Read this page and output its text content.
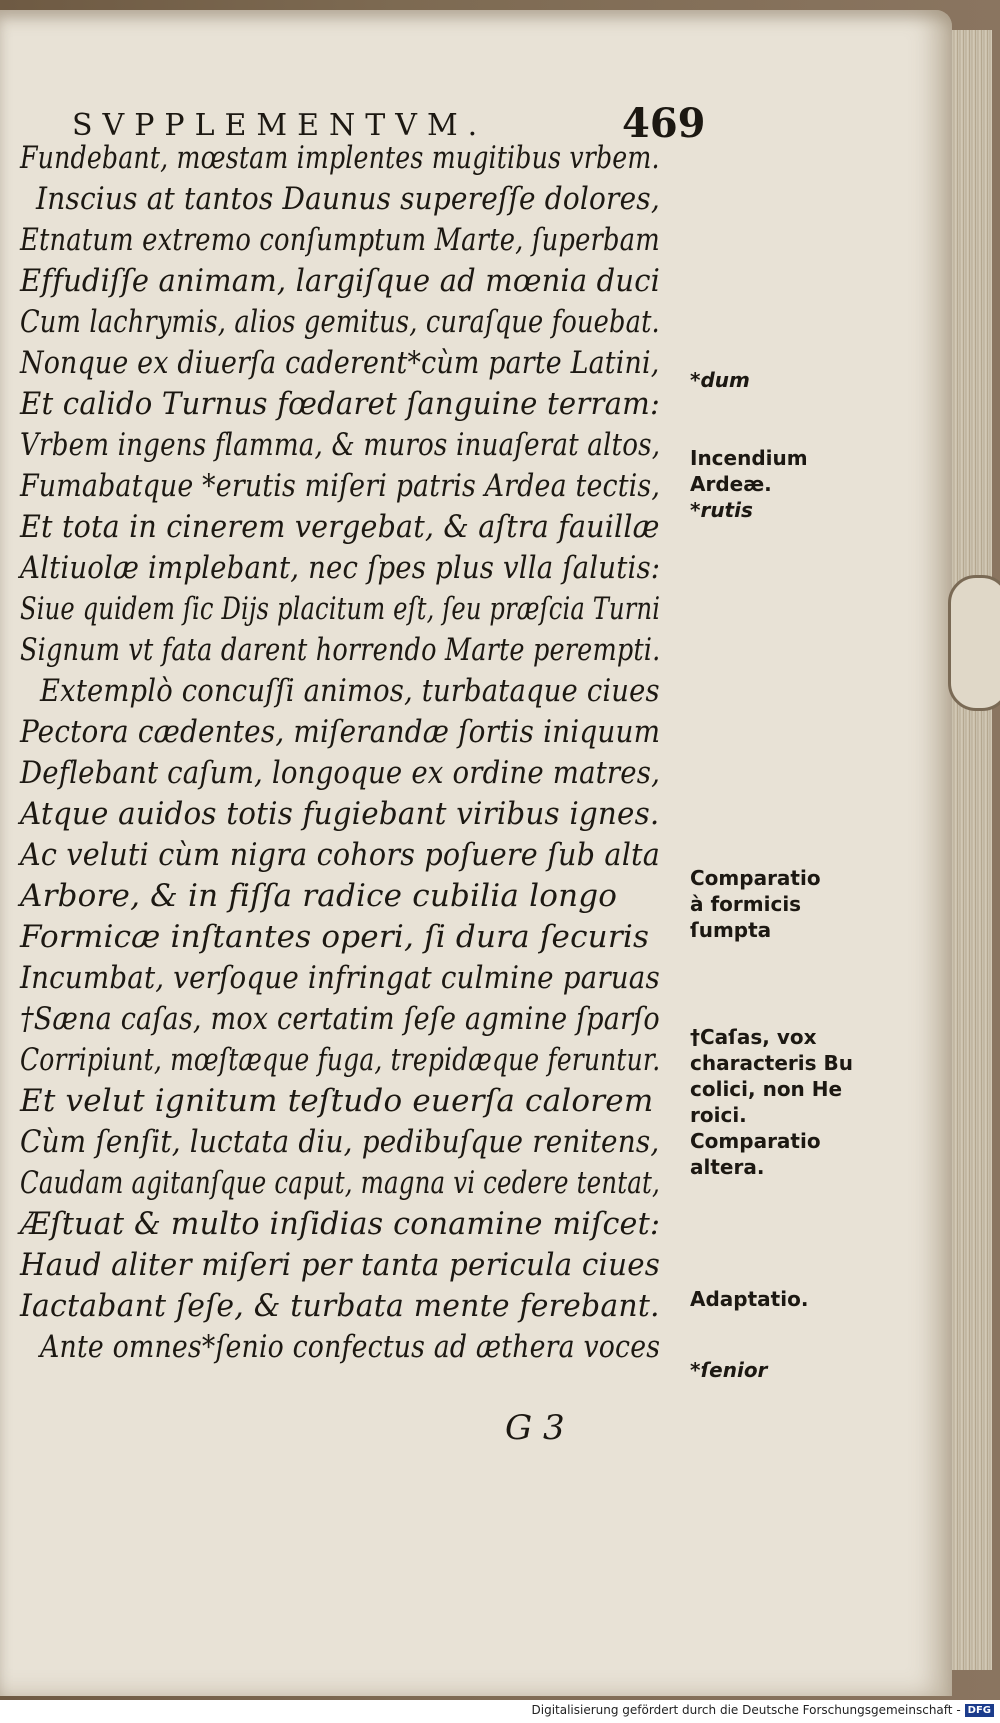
SVPPLEMENTVM.	469
Fundebant, mœstam implentes mugitibus vrbem.
Inscius at tantos Daunus supereſſe dolores,
Etnatum extremo conſumptum Marte, ſuperbam
Effudiſſe animam, largiſque ad mœnia duci
Cum lachrymis, alios gemitus, curaſque fouebat.
Nonque ex diuerſa caderent*cùm parte Latini,
Et calido Turnus fœdaret ſanguine terram:
Vrbem ingens flamma, & muros inuaſerat altos,
Fumabatque *erutis miſeri patris Ardea tectis,
Et tota in cinerem vergebat, & aſtra fauillæ
Altiuolæ implebant, nec ſpes plus vlla ſalutis:
Siue quidem ſic Dijs placitum eſt, ſeu præſcia Turni
Signum vt fata darent horrendo Marte perempti.
Extemplò concuſſi animos, turbataque ciues
Pectora cædentes, miſerandæ ſortis iniquum
Deflebant caſum, longoque ex ordine matres,
Atque auidos totis fugiebant viribus ignes.
Ac veluti cùm nigra cohors poſuere ſub alta
Arbore, & in fiſſa radice cubilia longo
Formicæ inſtantes operi, ſi dura ſecuris
Incumbat, verſoque infringat culmine paruas
†Sæna caſas, mox certatim ſeſe agmine ſparſo
Corripiunt, mœſtæque fuga, trepidæque feruntur.
Et velut ignitum teſtudo euerſa calorem
Cùm ſenſit, luctata diu, pedibuſque renitens,
Caudam agitanſque caput, magna vi cedere tentat,
Æſtuat & multo inſidias conamine miſcet:
Haud aliter miſeri per tanta pericula ciues
Iactabant ſeſe, & turbata mente ferebant.
Ante omnes*ſenio confectus ad æthera voces
*dum
Incendium
Ardeæ.
*rutis
Comparatio
à formicis
ſumpta
†Caſas, vox
characteris Bu
colici, non He
roici.
Comparatio
altera.
Adaptatio.
*ſenior
G 3
Digitalisierung gefördert durch die Deutsche Forschungsgemeinschaft - DFG
